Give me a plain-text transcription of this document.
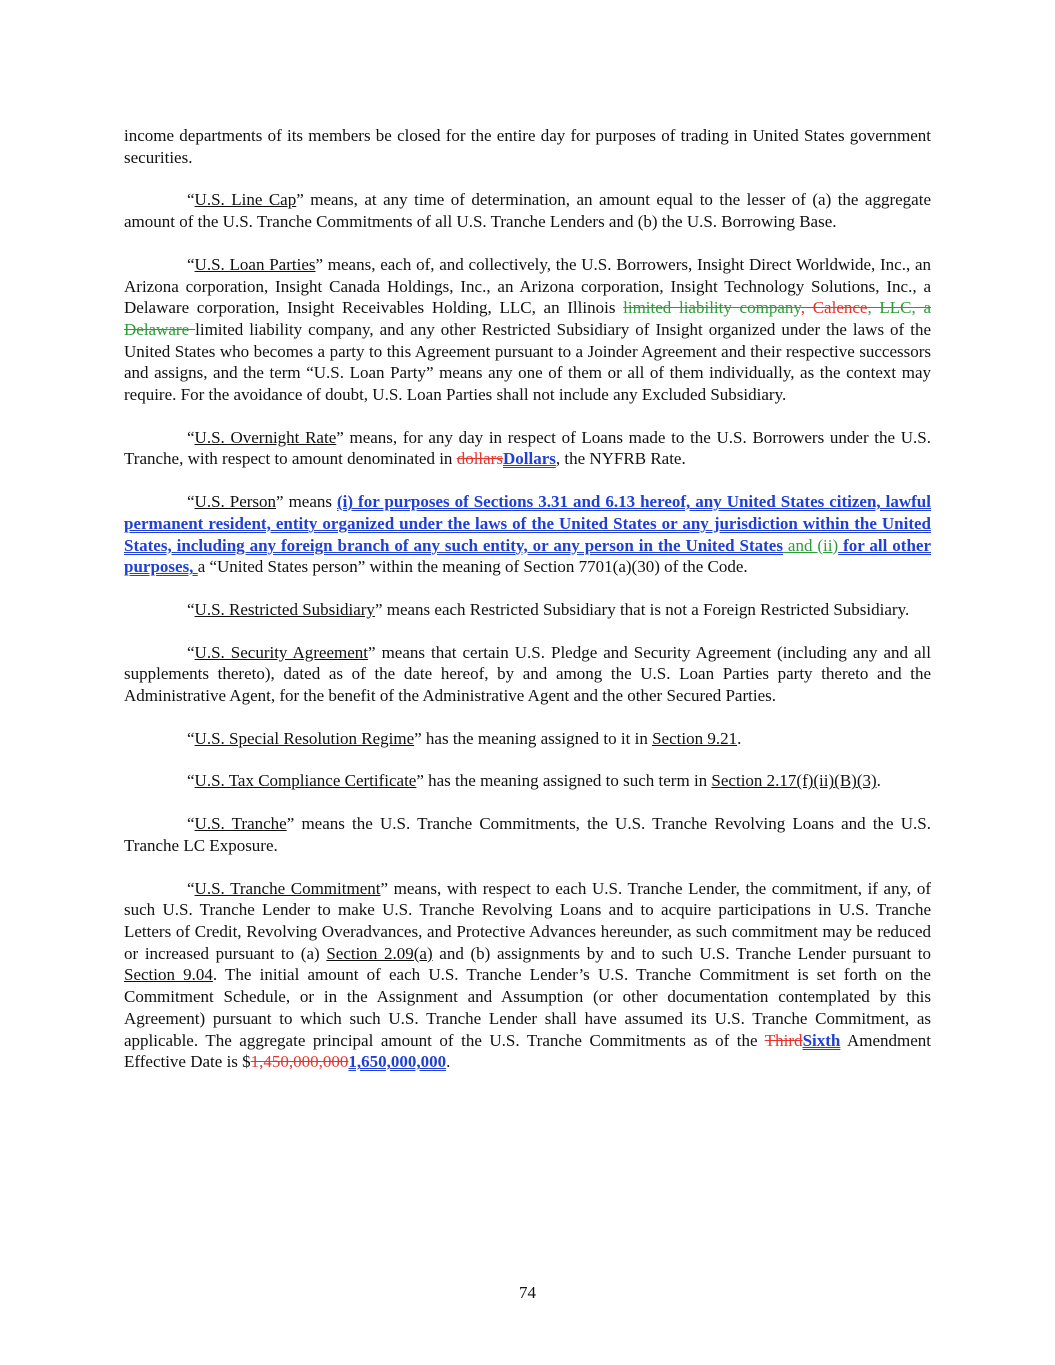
income departments of its members be closed for the entire day for purposes of trading in United States government securities.

“U.S. Line Cap” means, at any time of determination, an amount equal to the lesser of (a) the aggregate amount of the U.S. Tranche Commitments of all U.S. Tranche Lenders and (b) the U.S. Borrowing Base.

“U.S. Loan Parties” means, each of, and collectively, the U.S. Borrowers, Insight Direct Worldwide, Inc., an Arizona corporation, Insight Canada Holdings, Inc., an Arizona corporation, Insight Technology Solutions, Inc., a Delaware corporation, Insight Receivables Holding, LLC, an Illinois limited liability company, Calence, LLC, a Delaware limited liability company, and any other Restricted Subsidiary of Insight organized under the laws of the United States who becomes a party to this Agreement pursuant to a Joinder Agreement and their respective successors and assigns, and the term “U.S. Loan Party” means any one of them or all of them individually, as the context may require. For the avoidance of doubt, U.S. Loan Parties shall not include any Excluded Subsidiary.

“U.S. Overnight Rate” means, for any day in respect of Loans made to the U.S. Borrowers under the U.S. Tranche, with respect to amount denominated in dollarsDollars, the NYFRB Rate.

“U.S. Person” means (i) for purposes of Sections 3.31 and 6.13 hereof, any United States citizen, lawful permanent resident, entity organized under the laws of the United States or any jurisdiction within the United States, including any foreign branch of any such entity, or any person in the United States and (ii) for all other purposes, a “United States person” within the meaning of Section 7701(a)(30) of the Code.

“U.S. Restricted Subsidiary” means each Restricted Subsidiary that is not a Foreign Restricted Subsidiary.

“U.S. Security Agreement” means that certain U.S. Pledge and Security Agreement (including any and all supplements thereto), dated as of the date hereof, by and among the U.S. Loan Parties party thereto and the Administrative Agent, for the benefit of the Administrative Agent and the other Secured Parties.

“U.S. Special Resolution Regime” has the meaning assigned to it in Section 9.21.

“U.S. Tax Compliance Certificate” has the meaning assigned to such term in Section 2.17(f)(ii)(B)(3).

“U.S. Tranche” means the U.S. Tranche Commitments, the U.S. Tranche Revolving Loans and the U.S. Tranche LC Exposure.

“U.S. Tranche Commitment” means, with respect to each U.S. Tranche Lender, the commitment, if any, of such U.S. Tranche Lender to make U.S. Tranche Revolving Loans and to acquire participations in U.S. Tranche Letters of Credit, Revolving Overadvances, and Protective Advances hereunder, as such commitment may be reduced or increased pursuant to (a) Section 2.09(a) and (b) assignments by and to such U.S. Tranche Lender pursuant to Section 9.04. The initial amount of each U.S. Tranche Lender’s U.S. Tranche Commitment is set forth on the Commitment Schedule, or in the Assignment and Assumption (or other documentation contemplated by this Agreement) pursuant to which such U.S. Tranche Lender shall have assumed its U.S. Tranche Commitment, as applicable. The aggregate principal amount of the U.S. Tranche Commitments as of the ThirdSixth Amendment Effective Date is $1,450,000,0001,650,000,000.

74
